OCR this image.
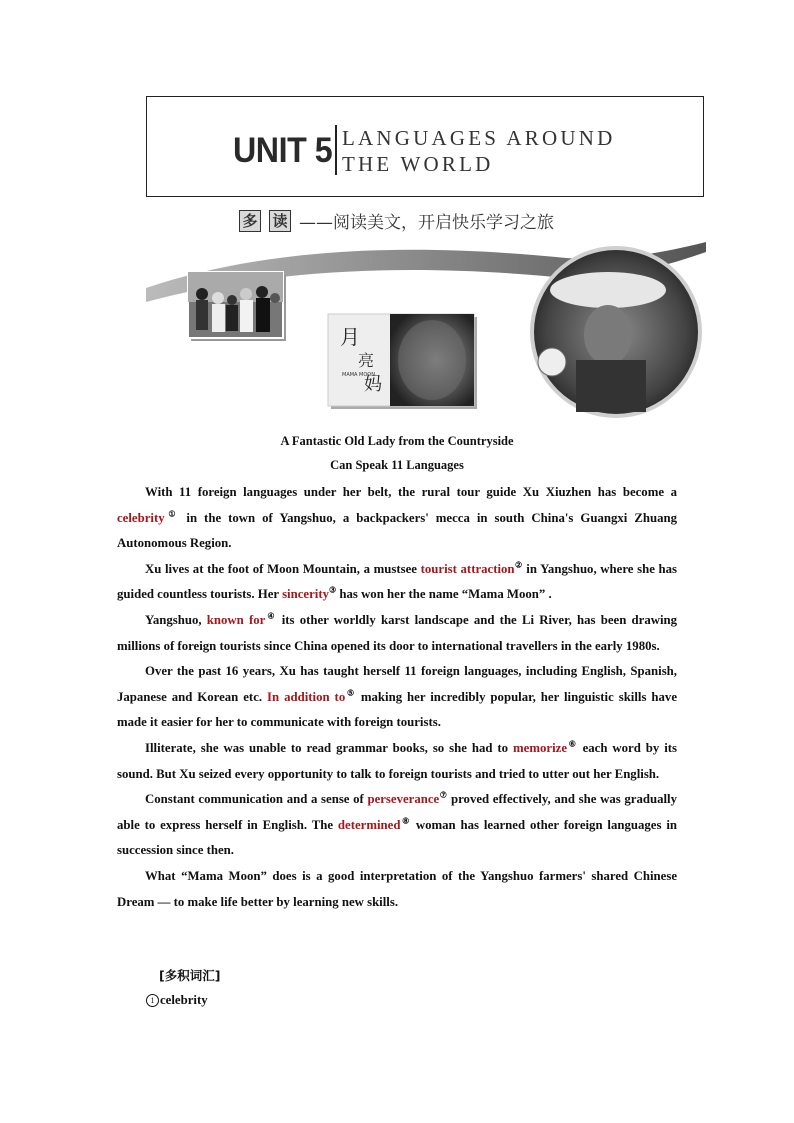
UNIT 5 LANGUAGES AROUND
THE WORLD
多 读 ——阅读美文，开启快乐学习之旅
月
亮
MAMA MOON
妈
A Fantastic Old Lady from the Countryside
Can Speak 11 Languages

With 11 foreign languages under her belt, the rural tour guide Xu Xiuzhen has become a celebrity① in the town of Yangshuo, a backpackers' mecca in south China's Guangxi Zhuang Autonomous Region.

Xu lives at the foot of Moon Mountain, a mustsee tourist attraction② in Yangshuo, where she has guided countless tourists. Her sincerity③ has won her the name “Mama Moon” .

Yangshuo, known for④ its other worldly karst landscape and the Li River, has been drawing millions of foreign tourists since China opened its door to international travellers in the early 1980s.

Over the past 16 years, Xu has taught herself 11 foreign languages, including English, Spanish, Japanese and Korean etc. In addition to⑤ making her incredibly popular, her linguistic skills have made it easier for her to communicate with foreign tourists.

Illiterate, she was unable to read grammar books, so she had to memorize⑥ each word by its sound. But Xu seized every opportunity to talk to foreign tourists and tried to utter out her English.

Constant communication and a sense of perseverance⑦ proved effectively, and she was gradually able to express herself in English. The determined⑧ woman has learned other foreign languages in succession since then.

What “Mama Moon” does is a good interpretation of the Yangshuo farmers' shared Chinese Dream — to make life better by learning new skills.

[多积词汇]
1 celebrity
